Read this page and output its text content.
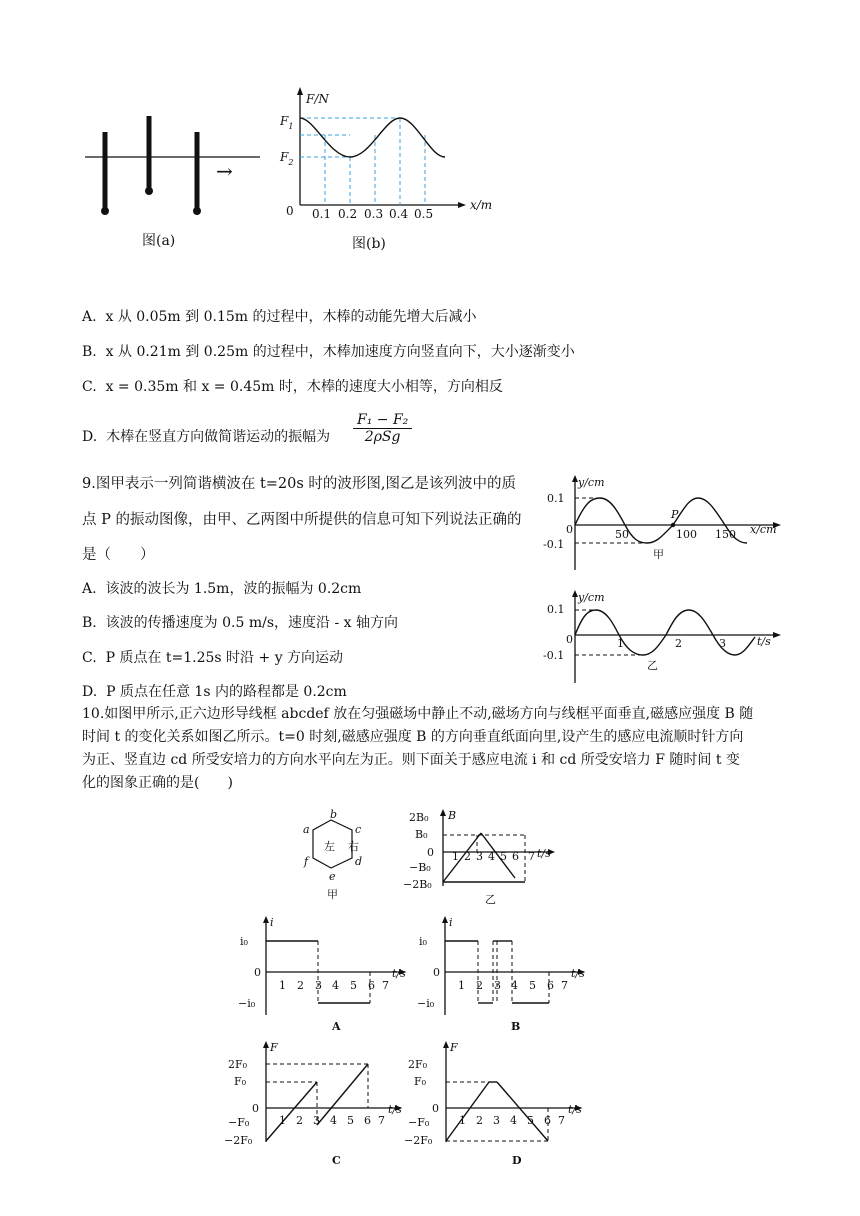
→
图(a)
F/N
x/m
$F_1$
$F_2$
0 0.1 0.2 0.3 0.4 0.5
图(b)
A. x 从 0.05m 到 0.15m 的过程中，木棒的动能先增大后减小
B. x 从 0.21m 到 0.25m 的过程中，木棒加速度方向竖直向下，大小逐渐变小
C. x = 0.35m 和 x = 0.45m 时，木棒的速度大小相等，方向相反
D. 木棒在竖直方向做简谐运动的振幅为
F₁ − F₂
2ρSg
9.图甲表示一列简谐横波在 t=20s 时的波形图,图乙是该列波中的质
点 P 的振动图像，由甲、乙两图中所提供的信息可知下列说法正确的
是（　　）
A. 该波的波长为 1.5m，波的振幅为 0.2cm
B. 该波的传播速度为 0.5 m/s，速度沿 - x 轴方向
C. P 质点在 t=1.25s 时沿 + y 方向运动
D. P 质点在任意 1s 内的路程都是 0.2cm
y/cm
x/cm
0.1
-0.1
0
P
50	100 150
甲
y/cm
t/s
0.1
-0.1
0	1	2	3
乙
10.如图甲所示,正六边形导线框 abcdef 放在匀强磁场中静止不动,磁场方向与线框平面垂直,磁感应强度 B 随
时间 t 的变化关系如图乙所示。t=0 时刻,磁感应强度 B 的方向垂直纸面向里,设产生的感应电流顺时针方向
为正、竖直边 cd 所受安培力的方向水平向左为正。则下面关于感应电流 i 和 cd 所受安培力 F 随时间 t 变
化的图象正确的是(　　)
b
a	c
f	d
e
左 右
甲
B
t/s
2B₀
B₀
0
−B₀
−2B₀
1 2 3 4 5 6 7
乙
i
t/s
i₀
0
−i₀
1 2 3 4 5 6 7
A
i
t/s
i₀
0
−i₀
1 2 3 4 5 6 7
B
F
t/s
2F₀
F₀
0
−F₀
−2F₀
1 2 3 4 5 6 7
C
F
t/s
2F₀
F₀
0
−F₀
−2F₀
1 2 3 4 5 6 7
D
